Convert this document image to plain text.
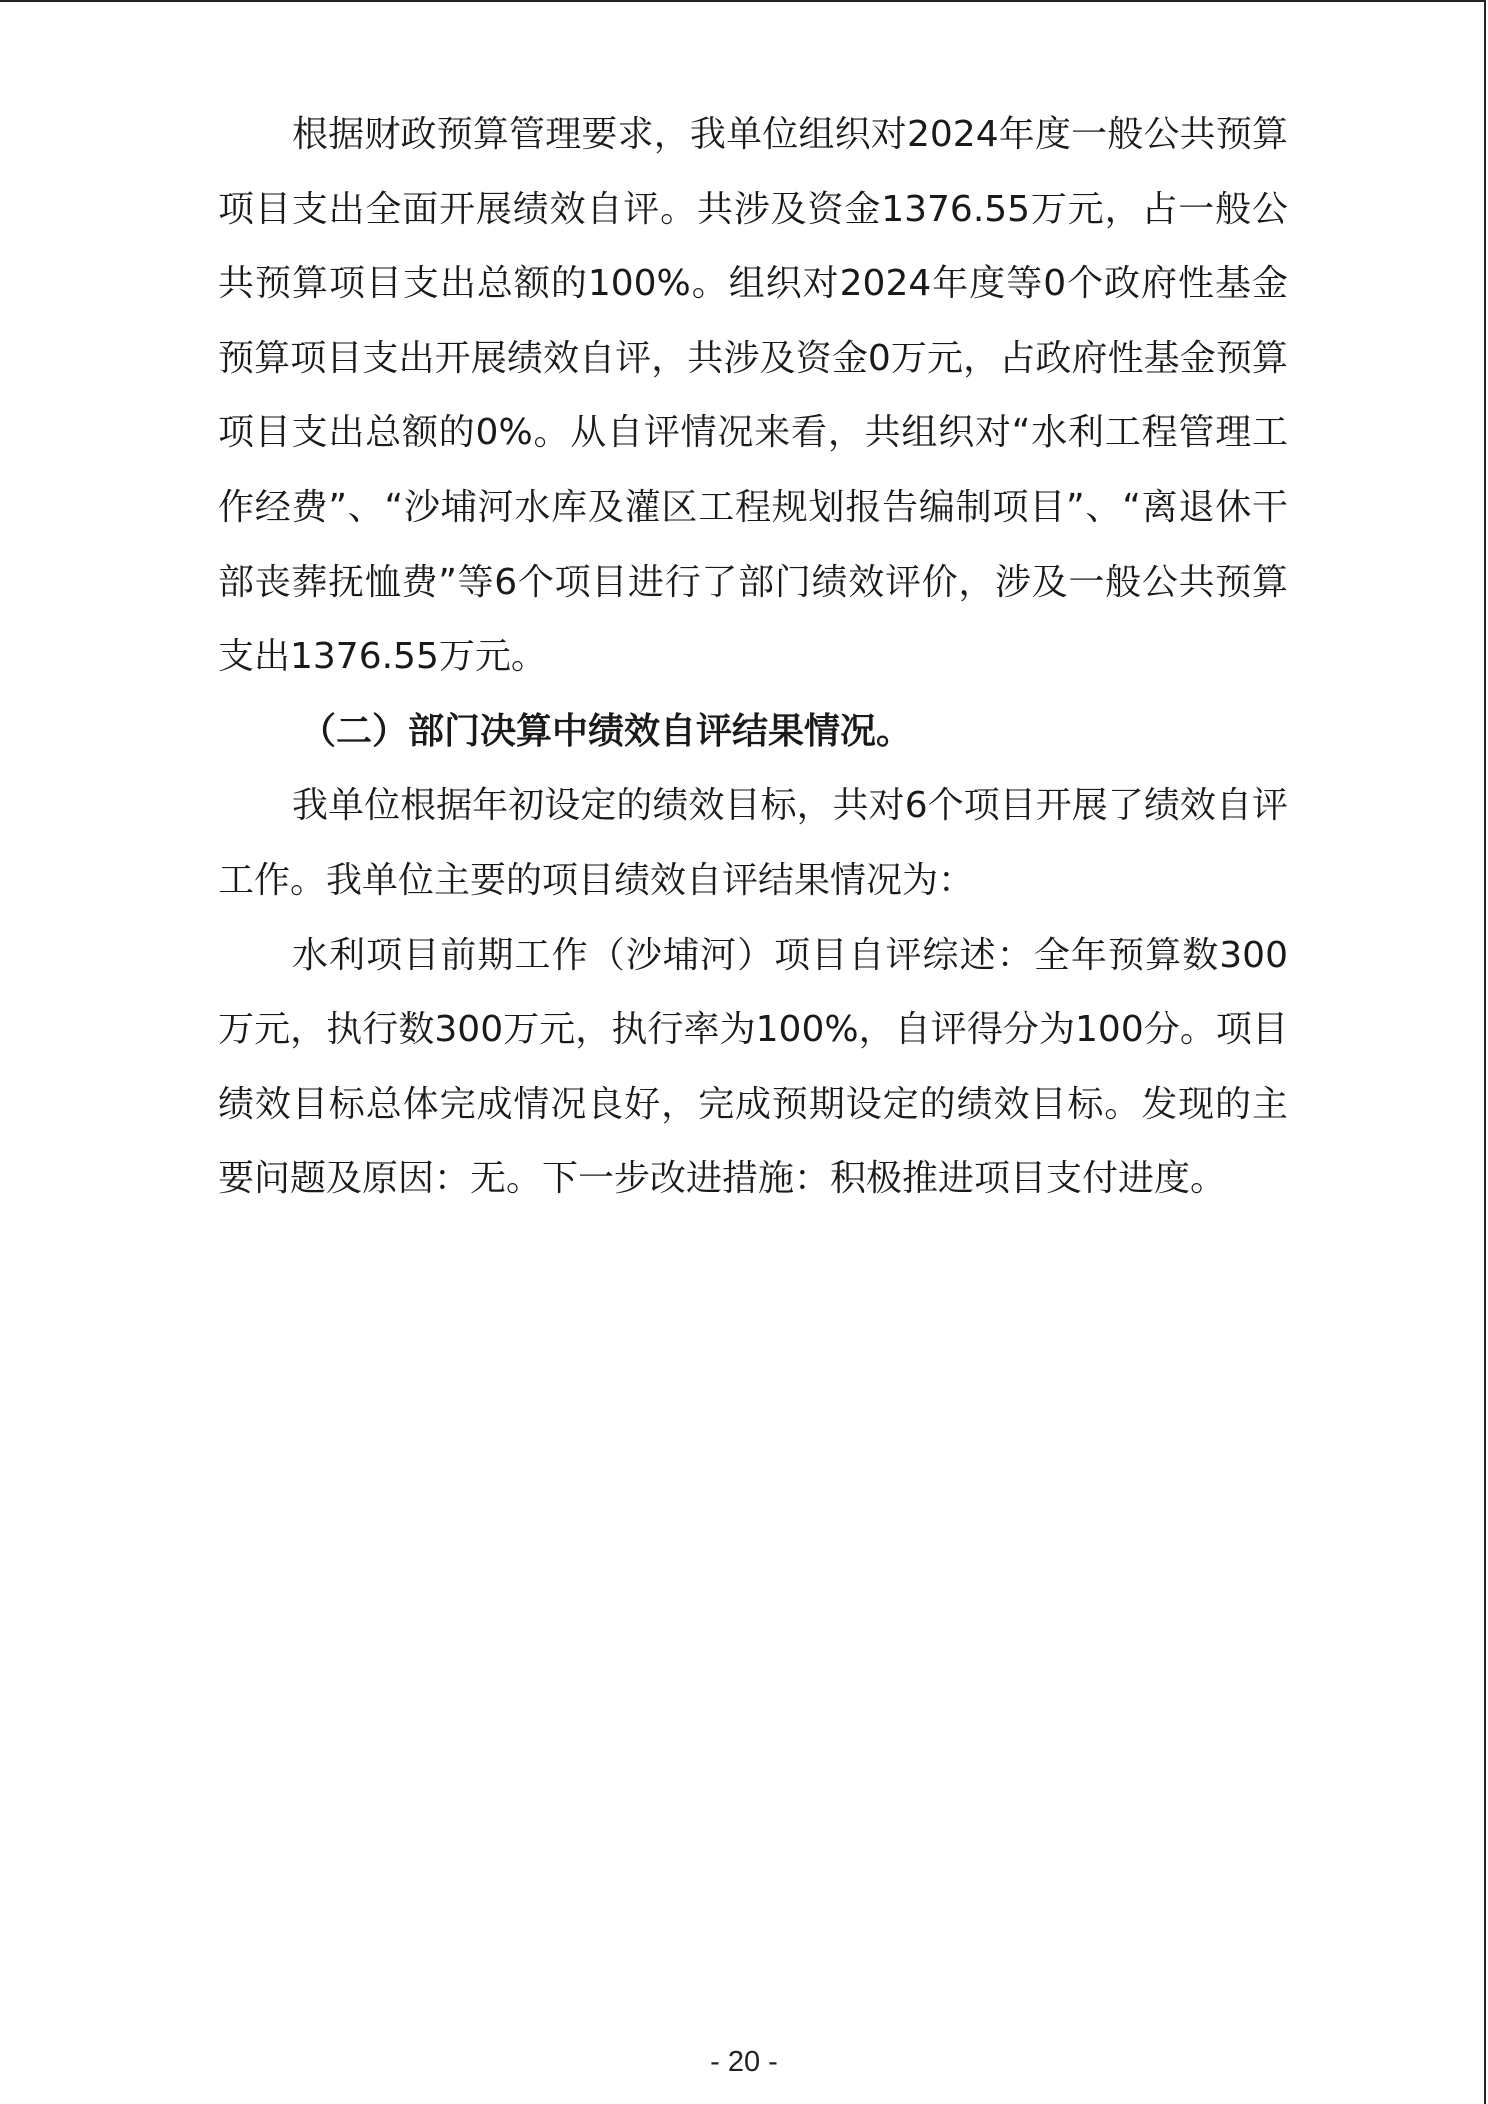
根据财政预算管理要求，我单位组织对2024年度一般公共预算项目支出全面开展绩效自评。共涉及资金1376.55万元，占一般公共预算项目支出总额的100%。组织对2024年度等0个政府性基金预算项目支出开展绩效自评，共涉及资金0万元，占政府性基金预算项目支出总额的0%。从自评情况来看，共组织对“水利工程管理工作经费”、“沙埔河水库及灌区工程规划报告编制项目”、“离退休干部丧葬抚恤费”等6个项目进行了部门绩效评价，涉及一般公共预算支出1376.55万元。

（二）部门决算中绩效自评结果情况。

我单位根据年初设定的绩效目标，共对6个项目开展了绩效自评工作。我单位主要的项目绩效自评结果情况为：

水利项目前期工作（沙埔河）项目自评综述：全年预算数300万元，执行数300万元，执行率为100%，自评得分为100分。项目绩效目标总体完成情况良好，完成预期设定的绩效目标。发现的主要问题及原因：无。下一步改进措施：积极推进项目支付进度。

- 20 -
